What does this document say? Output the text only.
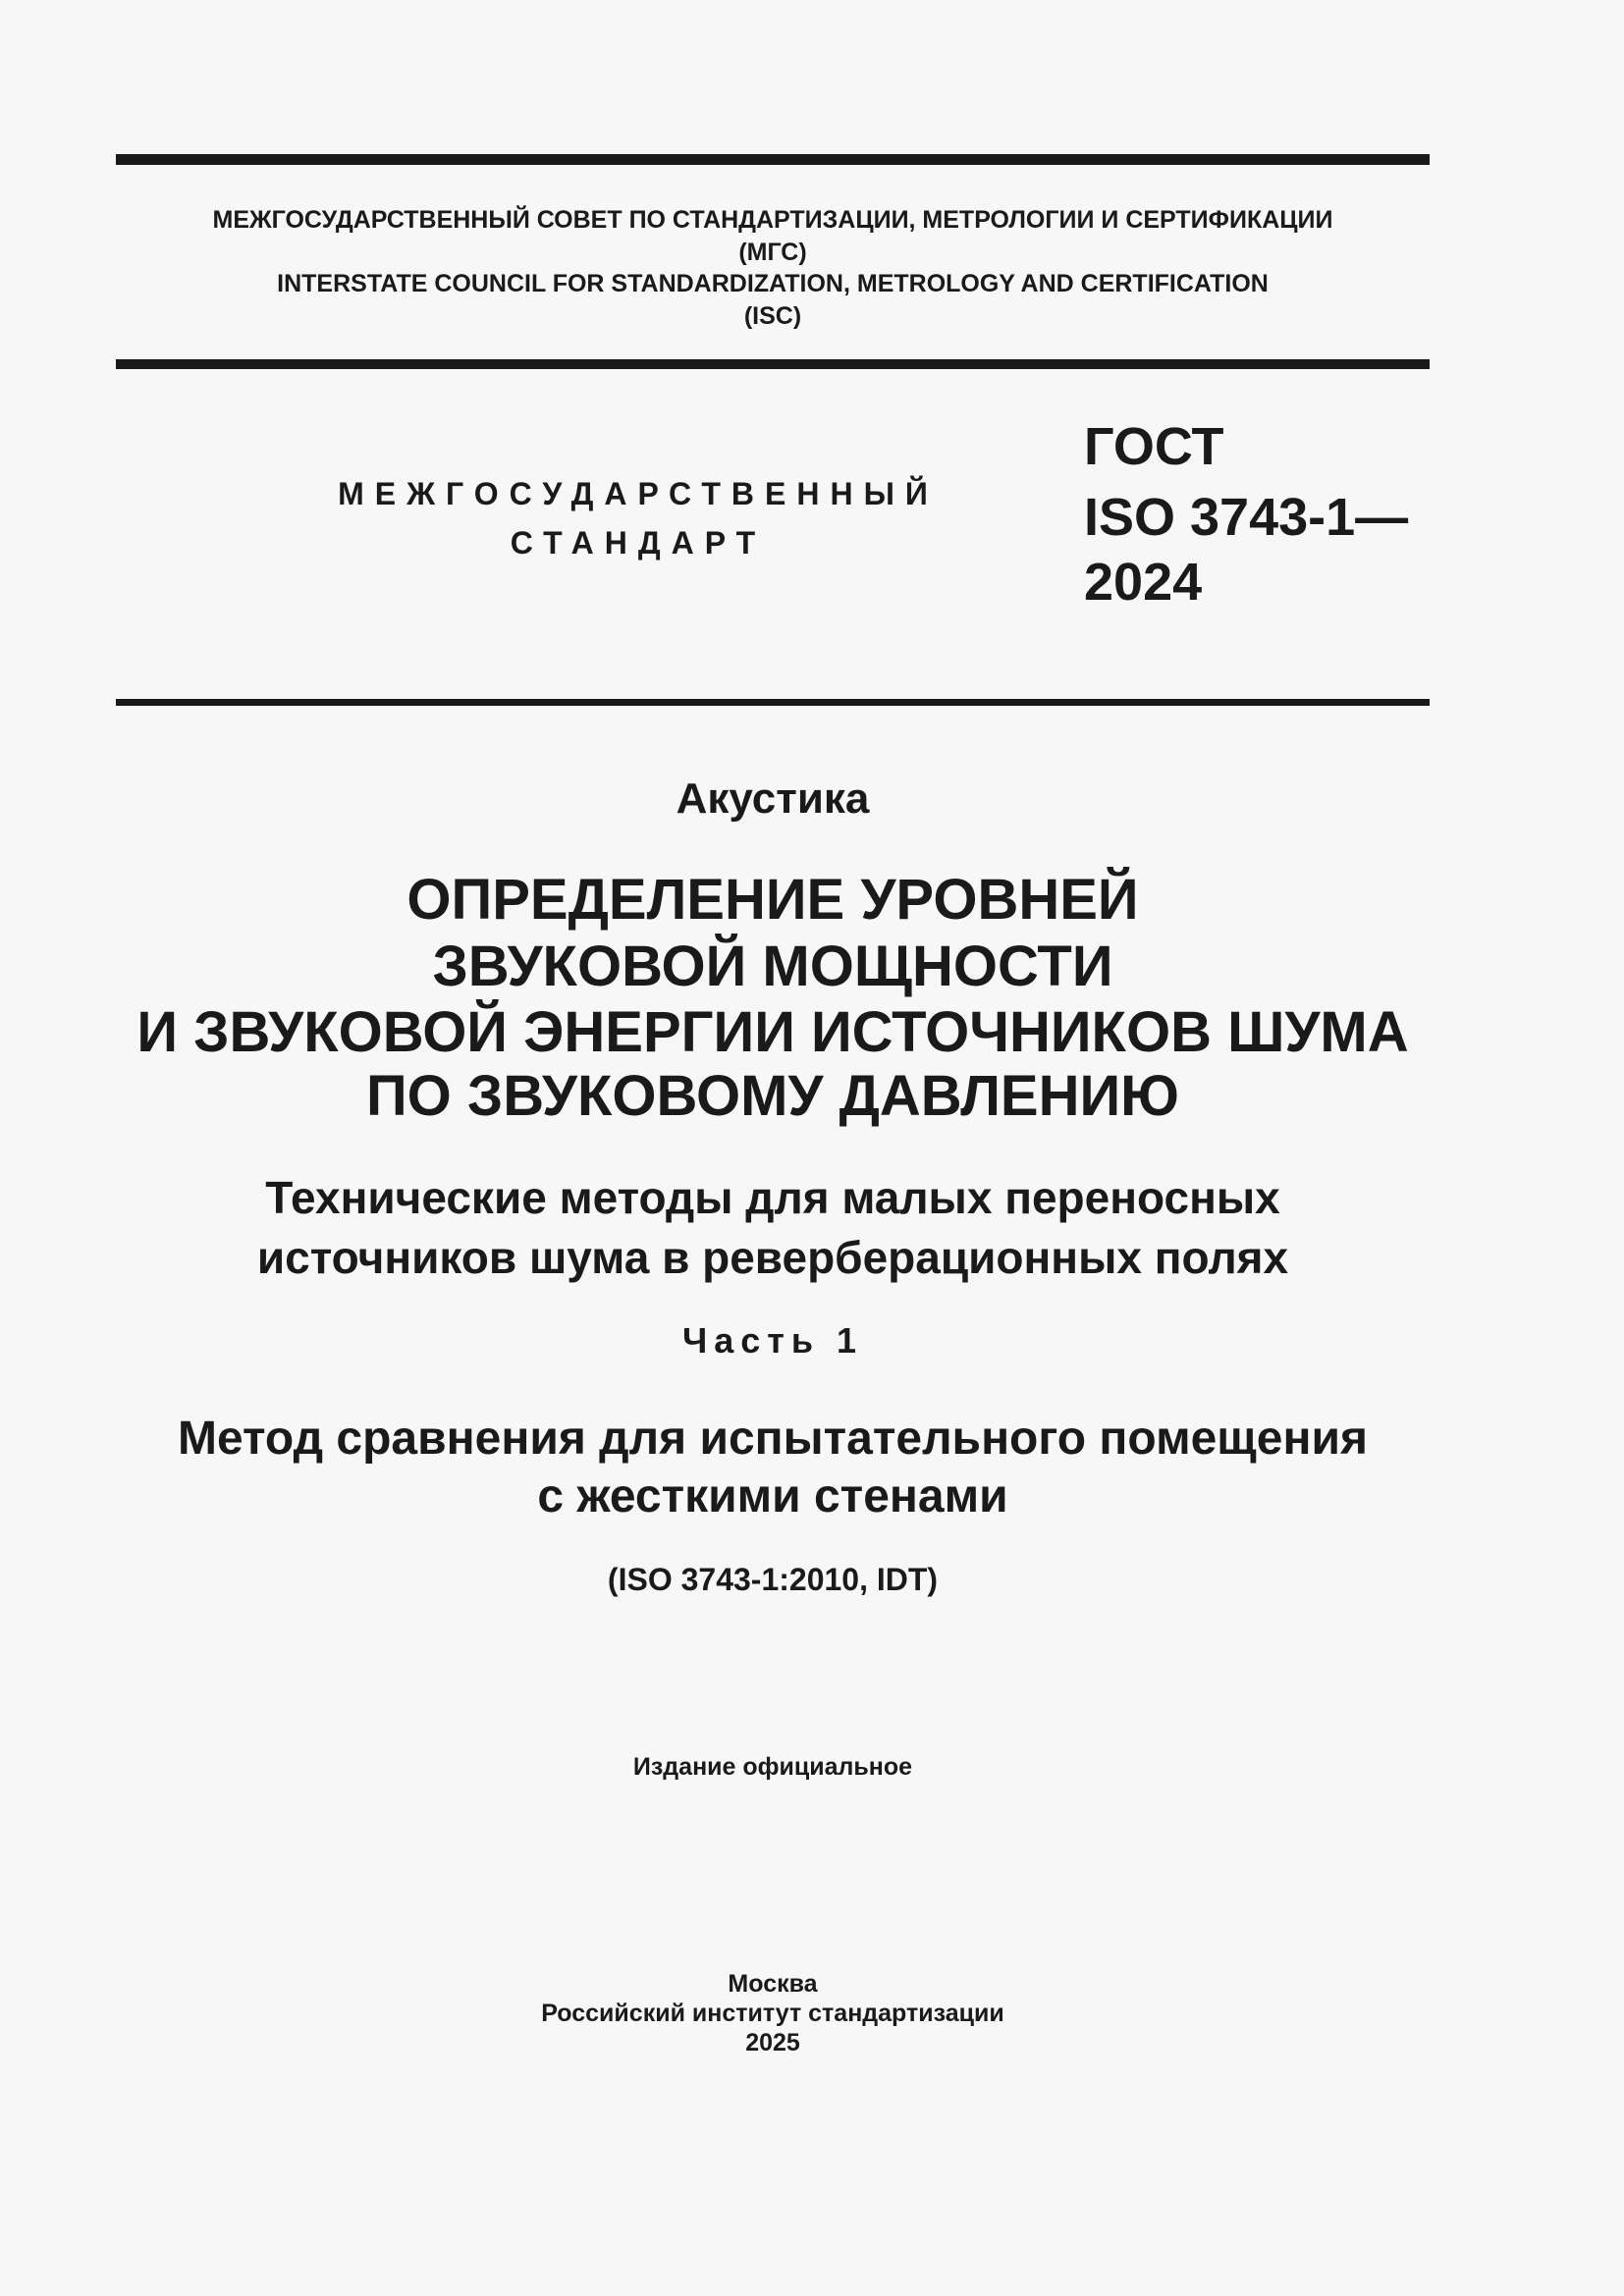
МЕЖГОСУДАРСТВЕННЫЙ СОВЕТ ПО СТАНДАРТИЗАЦИИ, МЕТРОЛОГИИ И СЕРТИФИКАЦИИ
(МГС)
INTERSTATE COUNCIL FOR STANDARDIZATION, METROLOGY AND CERTIFICATION
(ISC)
МЕЖГОСУДАРСТВЕННЫЙ
СТАНДАРТ
ГОСТ
ISO 3743-1—
2024
Акустика
ОПРЕДЕЛЕНИЕ УРОВНЕЙ
ЗВУКОВОЙ МОЩНОСТИ
И ЗВУКОВОЙ ЭНЕРГИИ ИСТОЧНИКОВ ШУМА
ПО ЗВУКОВОМУ ДАВЛЕНИЮ
Технические методы для малых переносных
источников шума в реверберационных полях
Часть 1
Метод сравнения для испытательного помещения
с жесткими стенами
(ISO 3743-1:2010, IDT)
Издание официальное
Москва
Российский институт стандартизации
2025
